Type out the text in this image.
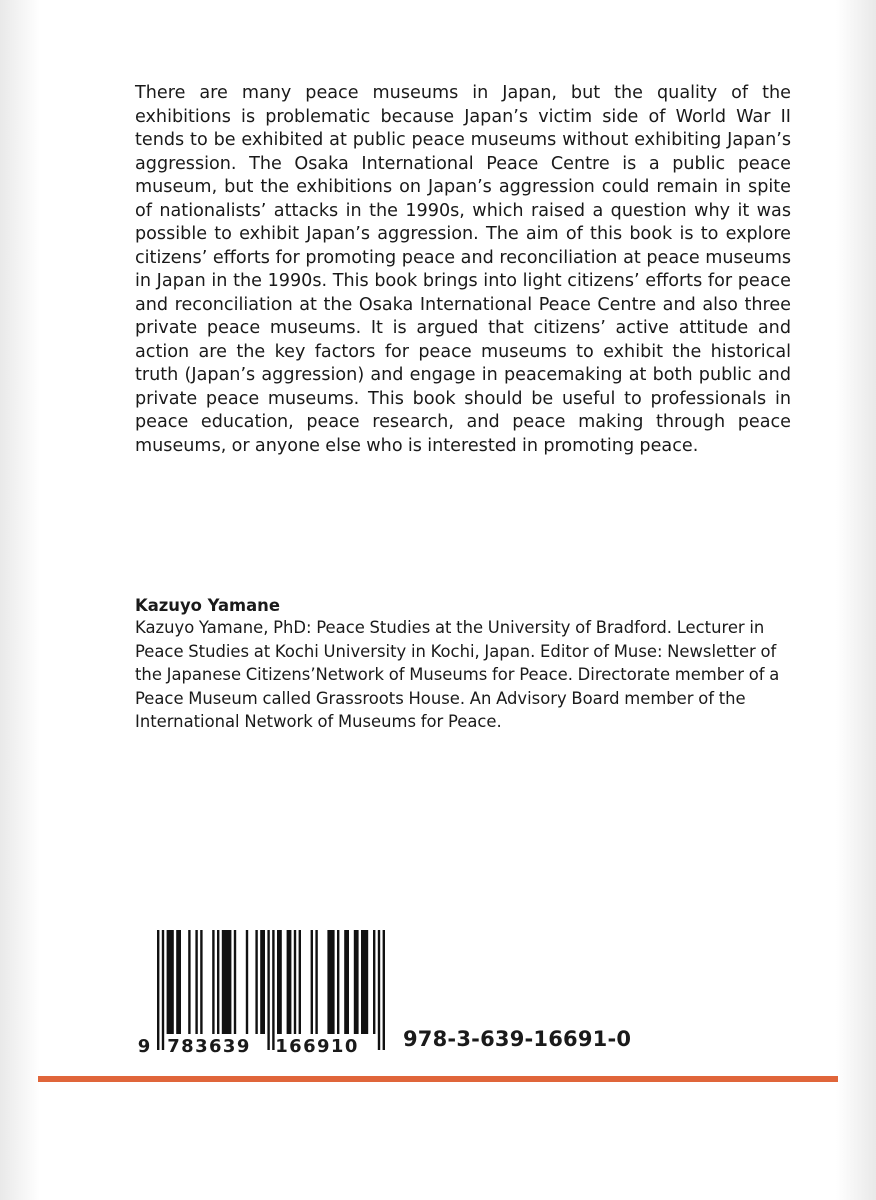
There are many peace museums in Japan, but the quality of the exhibitions is problematic because Japan’s victim side of World War II tends to be exhibited at public peace museums without exhibiting Japan’s aggression. The Osaka International Peace Centre is a public peace museum, but the exhibitions on Japan’s aggression could remain in spite of nationalists’ attacks in the 1990s, which raised a question why it was possible to exhibit Japan’s aggression. The aim of this book is to explore citizens’ efforts for promoting peace and reconciliation at peace museums in Japan in the 1990s. This book brings into light citizens’ efforts for peace and reconciliation at the Osaka International Peace Centre and also three private peace museums. It is argued that citizens’ active attitude and action are the key factors for peace museums to exhibit the historical truth (Japan’s aggression) and engage in peacemaking at both public and private peace museums. This book should be useful to professionals in peace education, peace research, and peace making through peace museums, or anyone else who is interested in promoting peace.

Kazuyo Yamane

Kazuyo Yamane, PhD: Peace Studies at the University of Bradford. Lecturer in Peace Studies at Kochi University in Kochi, Japan. Editor of Muse: Newsletter of the Japanese Citizens’Network of Museums for Peace. Directorate member of a Peace Museum called Grassroots House. An Advisory Board member of the International Network of Museums for Peace.

9 783639 166910 978-3-639-16691-0
